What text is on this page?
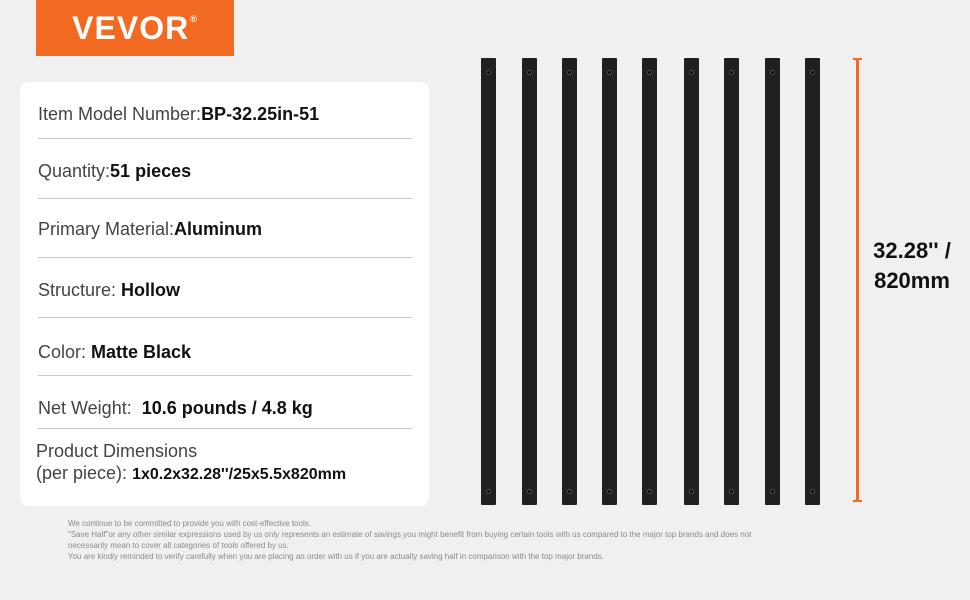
VEVOR®
Item Model Number:BP-32.25in-51
Quantity:51 pieces
Primary Material:Aluminum
Structure: Hollow
Color: Matte Black
Net Weight: 10.6 pounds / 4.8 kg
Product Dimensions
(per piece): 1x0.2x32.28''/25x5.5x820mm
32.28'' /
820mm
We continue to be committed to provide you with cost-effective tools.
"Save Half"or any other similar expressions used by us only represents an estimate of savings you might benefit from buying certain tools with us compared to the major top brands and does not
necessarily mean to cover all categories of tools offered by us.
You are kindly reminded to verify carefully when you are placing an order with us if you are actually saving half in comparison with the top major brands.
